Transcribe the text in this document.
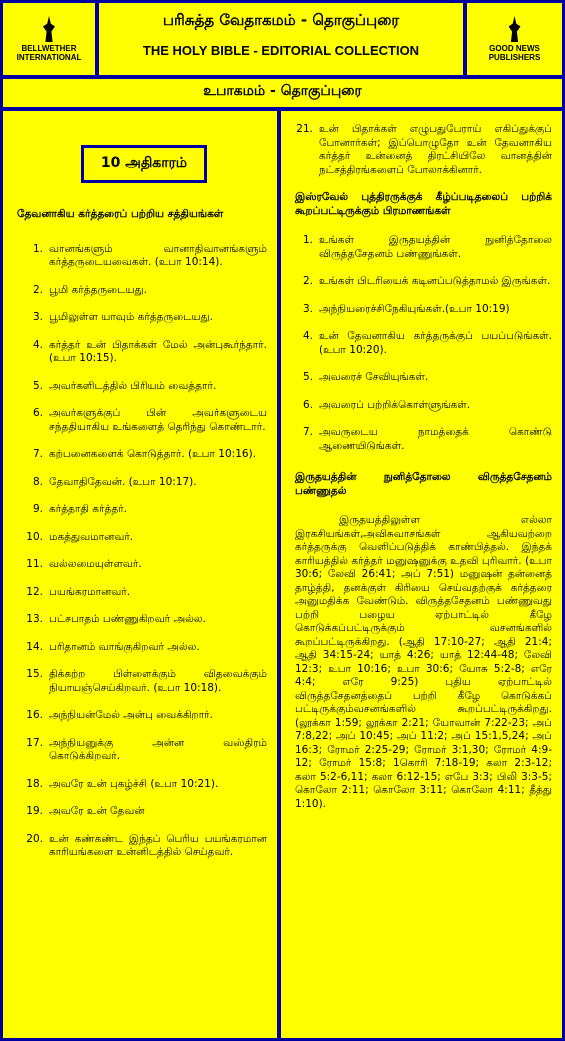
BELLWETHER
INTERNATIONAL
பரிசுத்த வேதாகமம் - தொகுப்புரை
THE HOLY BIBLE - EDITORIAL COLLECTION	GOOD NEWS
PUBLISHERS
உபாகமம் - தொகுப்புரை
10 அதிகாரம்
தேவனாகிய கர்த்தரைப் பற்றிய சத்தியங்கள்
1. வானங்களும் வானாதிவானங்களும் கர்த்தருடையவைகள். (உபா 10:14).
2. பூமி கர்த்தருடையது.
3. பூமிலுள்ள யாவும் கர்த்தருடையது.
4. கர்த்தர் உன் பிதாக்கள் மேல் அன்புகூர்ந்தார். (உபா 10:15).
5. அவர்களிடத்தில் பிரியம் வைத்தார்.
6. அவர்களுக்குப் பின் அவர்களுடைய சந்ததியாகிய உங்களைத் தெரிந்து கொண்டார்.
7. கற்பனைகளைக் கொடுத்தார். (உபா 10:16).
8. தேவாதிதேவன். (உபா 10:17).
9. கர்த்தாதி கர்த்தர்.
10. மகத்துவமானவர்.
11. வல்லமையுள்ளவர்.
12. பயங்கரமானவர்.
13. பட்சபாதம் பண்ணுகிறவர் அல்ல.
14. பரிதானம் வாங்குகிறவர் அல்ல.
15. திக்கற்ற பிள்ளைக்கும் விதவைக்கும் நியாயஞ்செய்கிறவர். (உபா 10:18).
16. அந்நியன்மேல் அன்பு வைக்கிறார்.
17. அந்நியனுக்கு அன்ன வஸ்திரம் கொடுக்கிறவர்.
18. அவரே உன் புகழ்ச்சி (உபா 10:21).
19. அவரே உன் தேவன்
20. உன் கண்கண்ட இந்தப் பெரிய பயங்கரமான காரியங்களை உன்னிடத்தில் செய்தவர்.
21. உன் பிதாக்கள் எழுபதுபேராய் எகிப்துக்குப் போனார்கள்; இப்பொழுதோ உன் தேவனாகிய கர்த்தர் உன்னைத் திரட்சியிலே வானத்தின் நட்சத்திரங்களைப் போலாக்கினார்.
இஸ்ரவேல் புத்திரருக்குக் கீழ்ப்படிதலைப் பற்றிக் கூறப்பட்டிருக்கும் பிரமாணங்கள்
1. உங்கள் இருதயத்தின் நுனித்தோலை விருத்தசேதனம் பண்ணுங்கள்.
2. உங்கள் பிடரியைக் கடினப்படுத்தாமல் இருங்கள்.
3. அந்நியரைச்சிநேகியுங்கள்.(உபா 10:19)
4. உன் தேவனாகிய கர்த்தருக்குப் பயப்படுங்கள். (உபா 10:20).
5. அவரைச் சேவியுங்கள்.
6. அவரைப் பற்றிக்கொள்ளுங்கள்.
7. அவருடைய நாமத்தைக் கொண்டு ஆணையிடுங்கள்.
இருதயத்தின் நுனித்தோலை விருத்தசேதனம் பண்ணுதல்

இருதயத்திலுள்ள எல்லா இரகசியங்கள்,அவிசுவாசங்கள் ஆகியவற்றை கர்த்தருக்கு வெளிப்படுத்திக் காண்பித்தல். இந்தக் காரியத்தில் கர்த்தர் மனுஷனுக்கு உதவி புரிவார். (உபா 30:6; லேவி 26:41; அப் 7:51) மனுஷன் தன்னைத் தாழ்த்தி, தனக்குள் கிரியை செய்வதற்குக் கர்த்தரை அனுமதிக்க வேண்டும். விருத்தசேதனம் பண்ணுவது பற்றி பழைய ஏற்பாட்டில் கீழே கொடுக்கப்பட்டிருக்கும் வசனங்களில் கூறப்பட்டிருக்கிறது. (ஆதி 17:10-27; ஆதி 21:4; ஆதி 34:15-24; யாத் 4:26; யாத் 12:44-48; லேவி 12:3; உபா 10:16; உபா 30:6; யோசு 5:2-8; எரே 4:4; எரே 9:25) புதிய ஏற்பாட்டில் விருத்தசேதனத்தைப் பற்றி கீழே கொடுக்கப் பட்டிருக்கும்வசனங்களில் கூறப்பட்டிருக்கிறது. (லூக்கா 1:59; லூக்கா 2:21; யோவான் 7:22-23; அப் 7:8,22; அப் 10:45; அப் 11:2; அப் 15:1,5,24; அப் 16:3; ரோமர் 2:25-29; ரோமர் 3:1,30; ரோமர் 4:9-12; ரோமர் 15:8; 1கொரி 7:18-19; கலா 2:3-12; கலா 5:2-6,11; கலா 6:12-15; எபே 3:3; பிலி 3:3-5; கொலோ 2:11; கொலோ 3:11; கொலோ 4:11; தீத்து 1:10).
